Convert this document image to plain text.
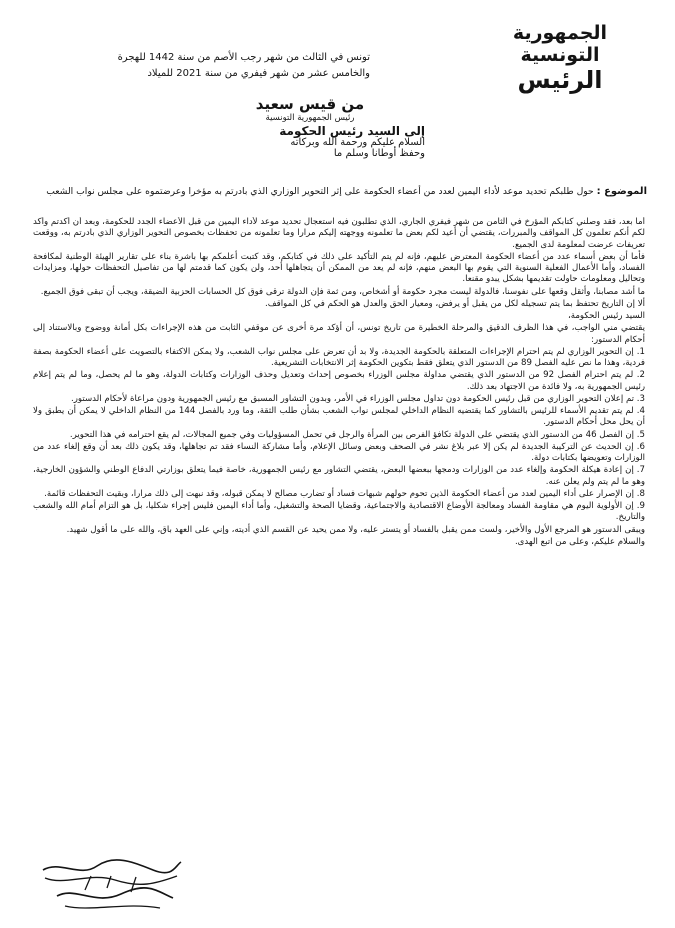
الجمهورية التونسية
الرئيس
تونس في الثالث من شهر رجب الأصم من سنة 1442 للهجرة
والخامس عشر من شهر فيفري من سنة 2021 للميلاد
من قيس سعيد
رئيس الجمهورية التونسية
إلى السيد رئيس الحكومة
السلام عليكم ورحمة الله وبركاته
وحفظ أوطانا وسلم ما
الموضوع : حول طلبكم تحديد موعد لأداء اليمين لعدد من أعضاء الحكومة على إثر التحوير الوزاري الذي بادرتم به مؤخرا وعرضتموه على مجلس نواب الشعب

أما بعد، فقد وصلني كتابكم المؤرخ في الثامن من شهر فيفري الجاري، الذي تطلبون فيه استعجال تحديد موعد لأداء اليمين من قبل الأعضاء الجدد للحكومة، وبعد أن أكدتم وأكد لكم أنكم تعلمون كل المواقف والمبررات، يقتضي أن أعيد لكم بعض ما تعلمونه ووجهته إليكم مرارا وما تعلمونه من تحفظات بخصوص التحوير الوزاري الذي بادرتم به، ووقعت تعريفات عرضت لمعلومة لدى الجميع.

فأما أن بعض أسماء عدد من أعضاء الحكومة المعترض عليهم، فإنه لم يتم التأكيد على ذلك في كتابكم، وقد كتبت أعلمكم بها باشرة بناء على تقارير الهيئة الوطنية لمكافحة الفساد، وأما الأعمال الفعلية السنوية التي يقوم بها البعض منهم، فإنه لم يعد من الممكن أن يتجاهلها أحد، ولن يكون كما قدمتم لها من تفاصيل التحفظات حولها، ومزايدات وتحاليل ومعلومات حاولت تقديمها بشكل يبدو مقنعا.

ما أشد مصابنا، وأثقل وقعها على نفوسنا، فالدولة ليست مجرد حكومة أو أشخاص، ومن ثمة فإن الدولة ترقى فوق كل الحسابات الحزبية الضيقة، ويجب أن تبقى فوق الجميع.

ألا إن التاريخ تحتفظ بما يتم تسجيله لكل من يقبل أو يرفض، ومعيار الحق والعدل هو الحكم في كل المواقف.

السيد رئيس الحكومة،

يقتضي مني الواجب، في هذا الظرف الدقيق والمرحلة الخطيرة من تاريخ تونس، أن أؤكد مرة أخرى عن موقفي الثابت من هذه الإجراءات بكل أمانة ووضوح وبالاستناد إلى أحكام الدستور:

1. إن التحوير الوزاري لم يتم احترام الإجراءات المتعلقة بالحكومة الجديدة، ولا بد أن تعرض على مجلس نواب الشعب، ولا يمكن الاكتفاء بالتصويت على أعضاء الحكومة بصفة فردية، وهذا ما نص عليه الفصل 89 من الدستور الذي يتعلق فقط بتكوين الحكومة إثر الانتخابات التشريعية.

2. لم يتم احترام الفصل 92 من الدستور الذي يقتضي مداولة مجلس الوزراء بخصوص إحداث وتعديل وحذف الوزارات وكتابات الدولة، وهو ما لم يحصل، وما لم يتم إعلام رئيس الجمهورية به، ولا فائدة من الاجتهاد بعد ذلك.

3. تم إعلان التحوير الوزاري من قبل رئيس الحكومة دون تداول مجلس الوزراء في الأمر، وبدون التشاور المسبق مع رئيس الجمهورية ودون مراعاة لأحكام الدستور.

4. لم يتم تقديم الأسماء للرئيس بالتشاور كما يقتضيه النظام الداخلي لمجلس نواب الشعب بشأن طلب الثقة، وما ورد بالفصل 144 من النظام الداخلي لا يمكن أن يطبق ولا أن يحل محل أحكام الدستور.

5. إن الفصل 46 من الدستور الذي يقتضي على الدولة تكافؤ الفرص بين المرأة والرجل في تحمل المسؤوليات وفي جميع المجالات، لم يقع احترامه في هذا التحوير.

6. إن الحديث عن التركيبة الجديدة لم يكن إلا عبر بلاغ نشر في الصحف وبعض وسائل الإعلام، وأما مشاركة النساء فقد تم تجاهلها، وقد يكون ذلك بعد أن وقع إلغاء عدد من الوزارات وتعويضها بكتابات دولة.

7. إن إعادة هيكلة الحكومة وإلغاء عدد من الوزارات ودمجها ببعضها البعض، يقتضي التشاور مع رئيس الجمهورية، خاصة فيما يتعلق بوزارتي الدفاع الوطني والشؤون الخارجية، وهو ما لم يتم ولم يعلن عنه.

8. إن الإصرار على أداء اليمين لعدد من أعضاء الحكومة الذين تحوم حولهم شبهات فساد أو تضارب مصالح لا يمكن قبوله، وقد نبهت إلى ذلك مرارا، وبقيت التحفظات قائمة.

9. إن الأولوية اليوم هي مقاومة الفساد ومعالجة الأوضاع الاقتصادية والاجتماعية، وقضايا الصحة والتشغيل، وأما أداء اليمين فليس إجراء شكليا، بل هو التزام أمام الله والشعب والتاريخ.

ويبقى الدستور هو المرجع الأول والأخير، ولست ممن يقبل بالفساد أو يتستر عليه، ولا ممن يحيد عن القسم الذي أديته، وإني على العهد باق، والله على ما أقول شهيد.

والسلام عليكم، وعلى من اتبع الهدى.
